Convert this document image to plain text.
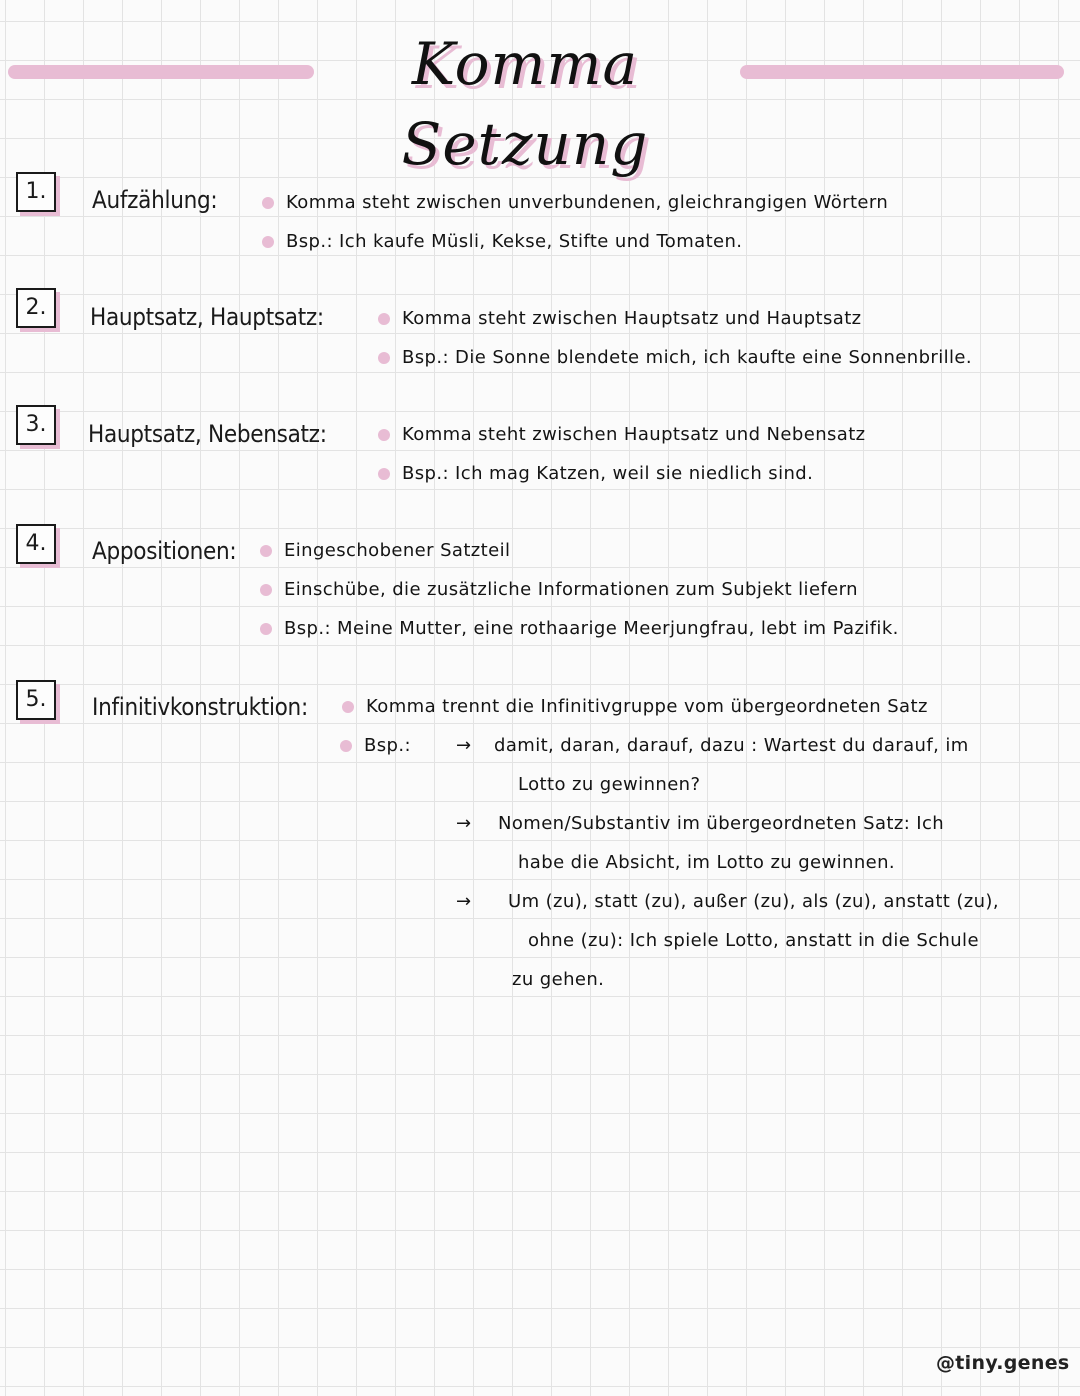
Komma Setzung
1.	Aufzählung:	Komma steht zwischen unverbundenen, gleichrangigen Wörtern
Bsp.: Ich kaufe Müsli, Kekse, Stifte und Tomaten.
2.	Hauptsatz, Hauptsatz:	Komma steht zwischen Hauptsatz und Hauptsatz
Bsp.: Die Sonne blendete mich, ich kaufte eine Sonnenbrille.
3.	Hauptsatz, Nebensatz:	Komma steht zwischen Hauptsatz und Nebensatz
Bsp.: Ich mag Katzen, weil sie niedlich sind.
4.	Appositionen:	Eingeschobener Satzteil
Einschübe, die zusätzliche Informationen zum Subjekt liefern
Bsp.: Meine Mutter, eine rothaarige Meerjungfrau, lebt im Pazifik.
5.	Infinitivkonstruktion:	Komma trennt die Infinitivgruppe vom übergeordneten Satz
Bsp.:	→ damit, daran, darauf, dazu : Wartest du darauf, im
Lotto zu gewinnen?
→ Nomen/Substantiv im übergeordneten Satz: Ich
habe die Absicht, im Lotto zu gewinnen.
→ Um (zu), statt (zu), außer (zu), als (zu), anstatt (zu),
ohne (zu): Ich spiele Lotto, anstatt in die Schule
zu gehen.
@tiny.genes
